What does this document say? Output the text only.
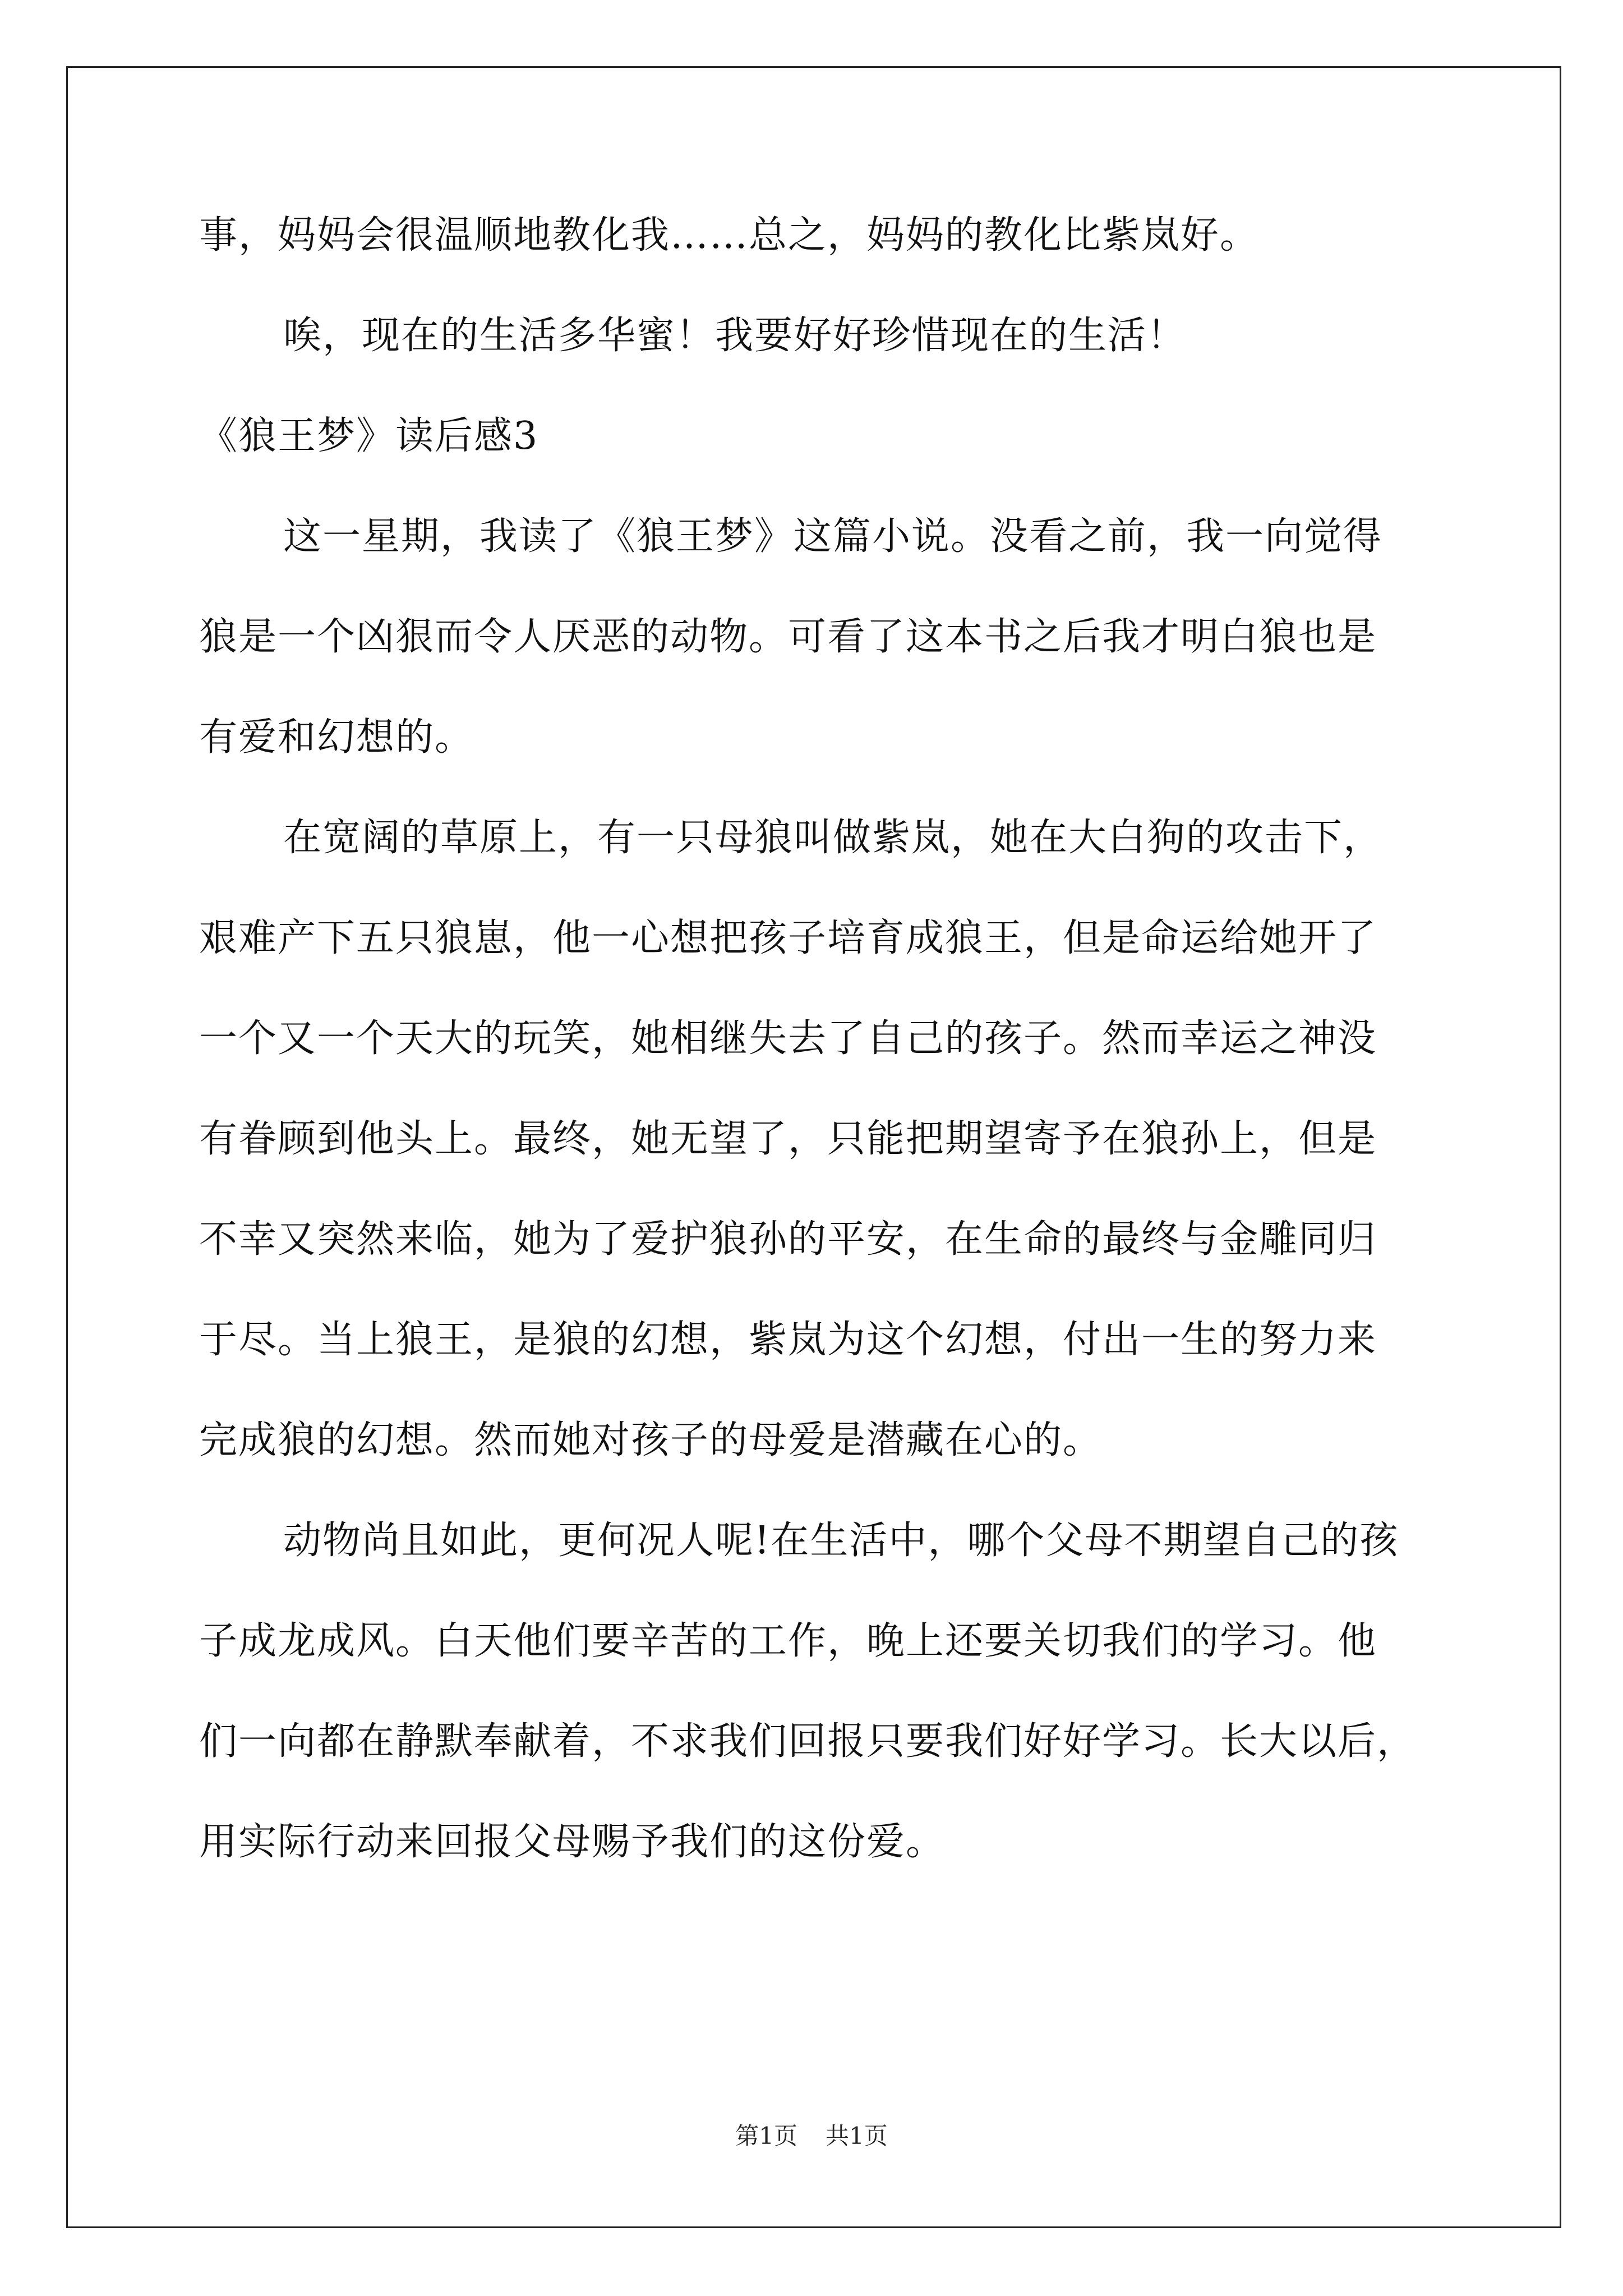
事，妈妈会很温顺地教化我……总之，妈妈的教化比紫岚好。
唉，现在的生活多华蜜！我要好好珍惜现在的生活！
《狼王梦》读后感3
这一星期，我读了《狼王梦》这篇小说。没看之前，我一向觉得
狼是一个凶狠而令人厌恶的动物。可看了这本书之后我才明白狼也是
有爱和幻想的。
在宽阔的草原上，有一只母狼叫做紫岚，她在大白狗的攻击下，
艰难产下五只狼崽，他一心想把孩子培育成狼王，但是命运给她开了
一个又一个天大的玩笑，她相继失去了自己的孩子。然而幸运之神没
有眷顾到他头上。最终，她无望了，只能把期望寄予在狼孙上，但是
不幸又突然来临，她为了爱护狼孙的平安，在生命的最终与金雕同归
于尽。当上狼王，是狼的幻想，紫岚为这个幻想，付出一生的努力来
完成狼的幻想。然而她对孩子的母爱是潜藏在心的。
动物尚且如此，更何况人呢!在生活中，哪个父母不期望自己的孩
子成龙成风。白天他们要辛苦的工作，晚上还要关切我们的学习。他
们一向都在静默奉献着，不求我们回报只要我们好好学习。长大以后，
用实际行动来回报父母赐予我们的这份爱。
第1页 共1页
